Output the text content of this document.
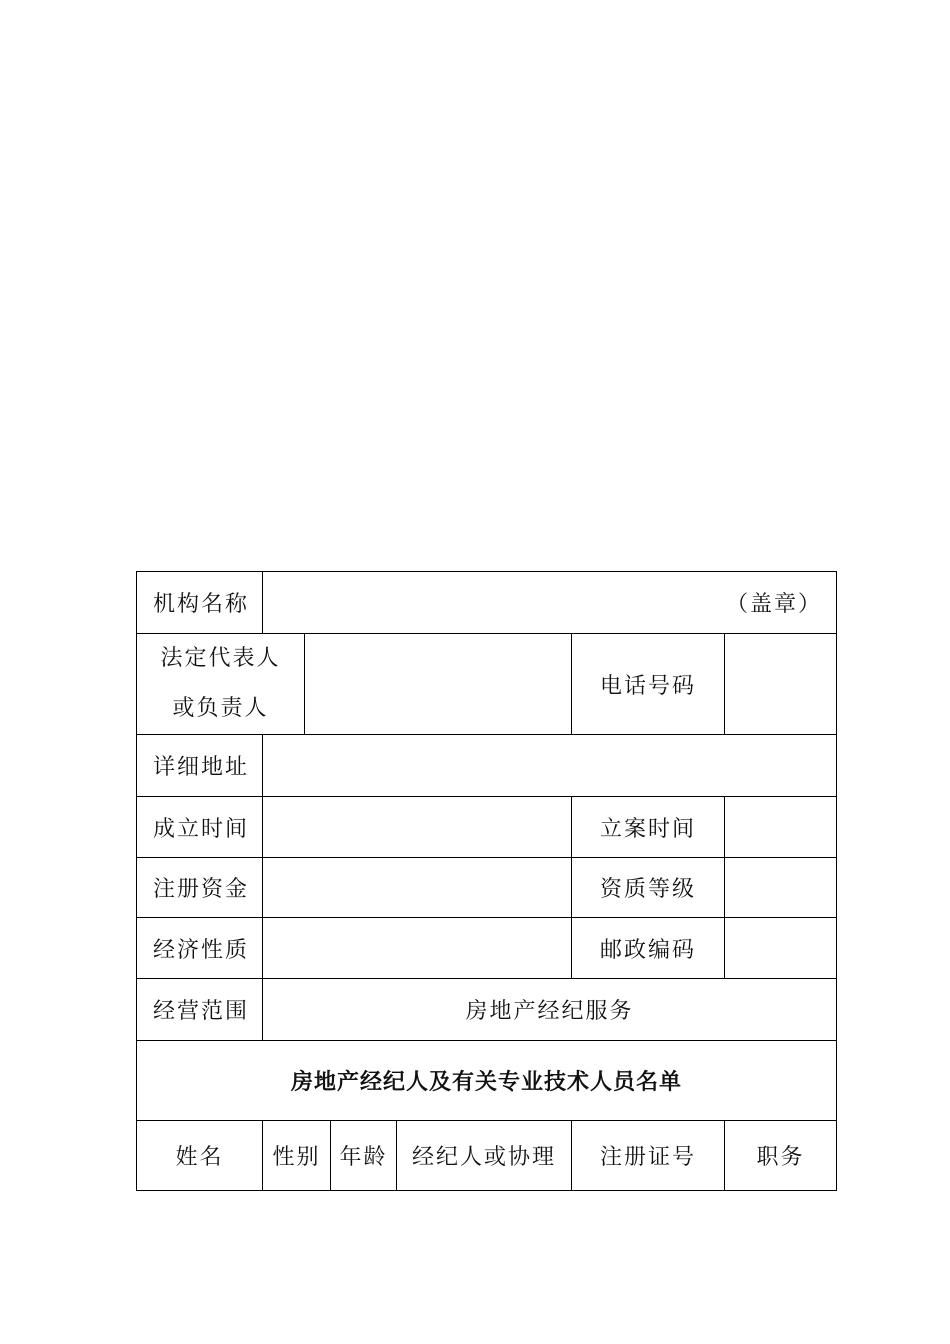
机构名称	（盖章）					

法定代表人
或负责人					电话号码	
详细地址						
成立时间					立案时间	
注册资金					资质等级	
经济性质					邮政编码	
经营范围	房地产经纪服务					
房地产经纪人及有关专业技术人员名单						
姓名	性别		年龄	经纪人或协理	注册证号	职务
